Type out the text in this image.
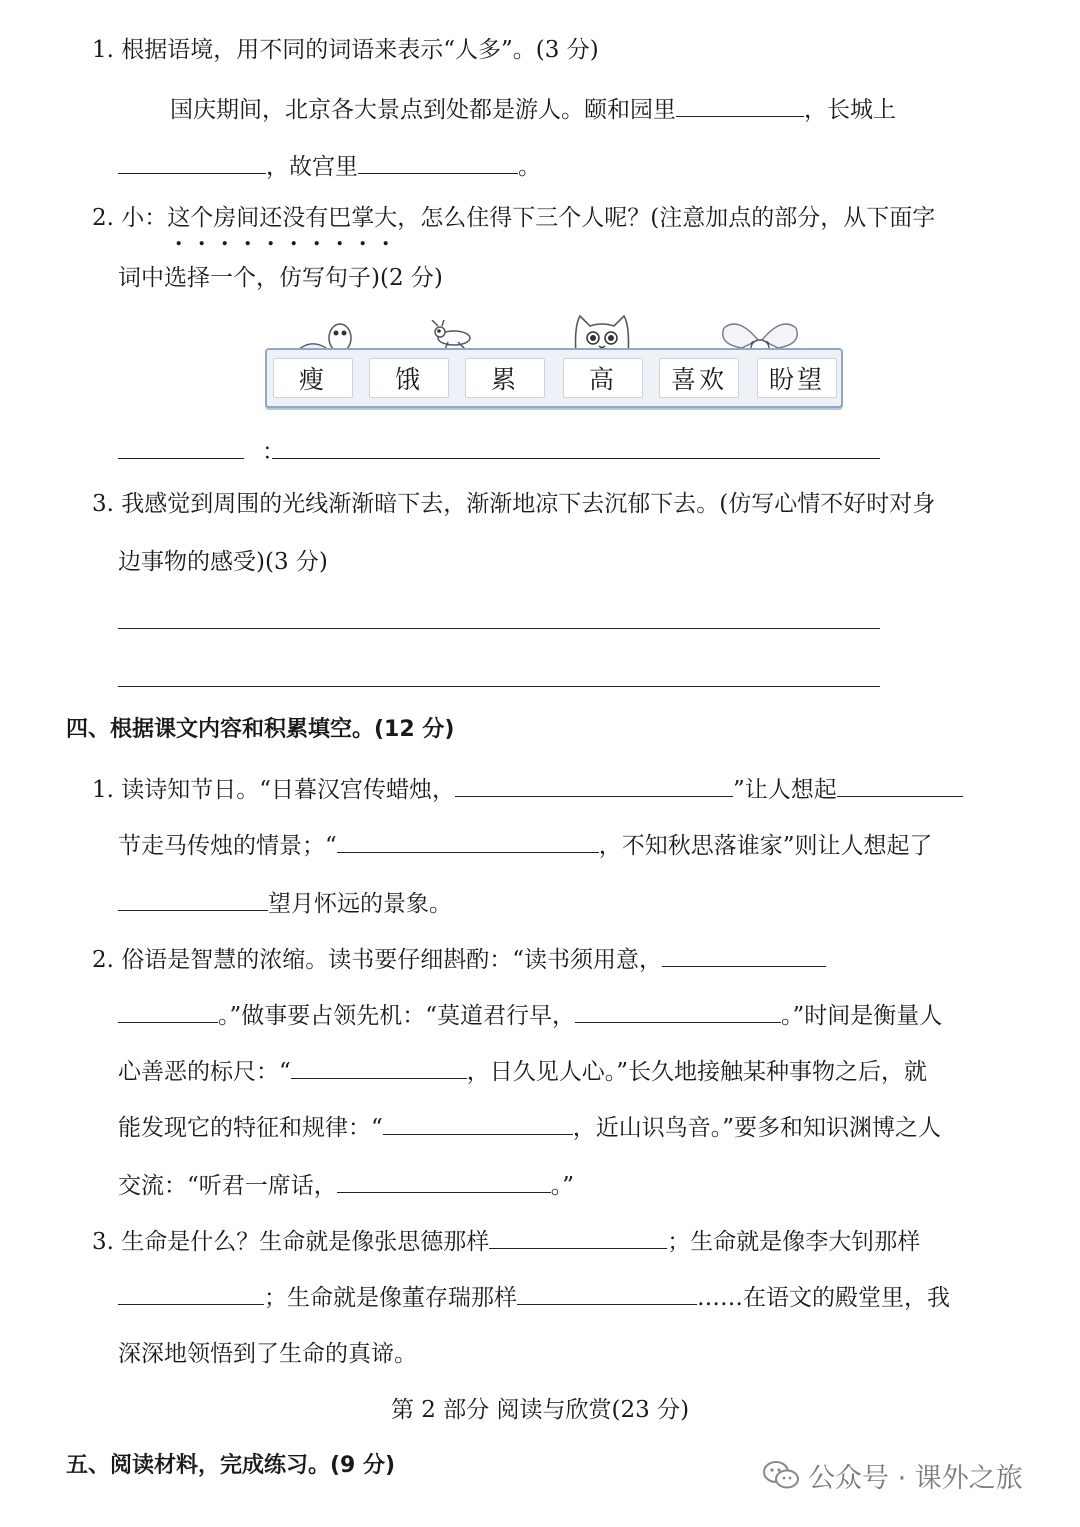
1. 根据语境，用不同的词语来表示“人多”。(3 分)
国庆期间，北京各大景点到处都是游人。颐和园里	，长城上
，故宫里	。
2. 小：这个房间还没有巴掌大，怎么住得下三个人呢？(注意加点的部分，从下面字
词中选择一个，仿写句子)(2 分)
瘦	饿	累	高	喜欢	盼望
：
3. 我感觉到周围的光线渐渐暗下去，渐渐地凉下去沉郁下去。(仿写心情不好时对身
边事物的感受)(3 分)
四、根据课文内容和积累填空。(12 分)
1. 读诗知节日。“日暮汉宫传蜡烛，	”让人想起
节走马传烛的情景；“	，不知秋思落谁家”则让人想起了
望月怀远的景象。
2. 俗语是智慧的浓缩。读书要仔细斟酌：“读书须用意，
。”做事要占领先机：“莫道君行早，	。”时间是衡量人
心善恶的标尺：“	，日久见人心。”长久地接触某种事物之后，就
能发现它的特征和规律：“	，近山识鸟音。”要多和知识渊博之人
交流：“听君一席话，	。”
3. 生命是什么？生命就是像张思德那样	；生命就是像李大钊那样
；生命就是像董存瑞那样	……在语文的殿堂里，我
深深地领悟到了生命的真谛。
第 2 部分 阅读与欣赏(23 分)
五、阅读材料，完成练习。(9 分)	公众号 · 课外之旅
